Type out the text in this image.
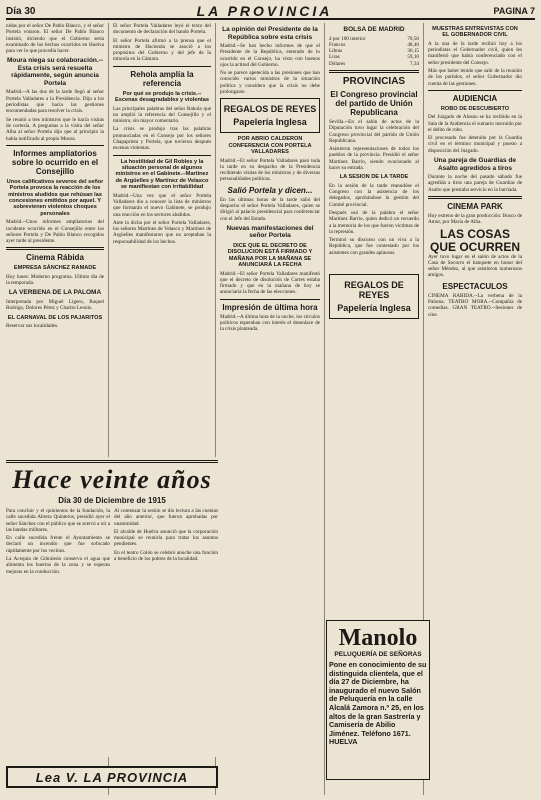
Día 30	LA PROVINCIA	PAGINA 7

nidas por el señor De Pablo Blanco, y el señor Portela votaron. El señor De Pablo Blanco insistió, diciendo que el Gobierno sería examinado de los hechos ocurridos en Huelva para ver lo que procedía hacer.

Moura niega su colaboración.--Esta crisis será resuelta rápidamente, según anuncia Portela

Madrid.--A las dos de la tarde llegó al señor Portela Valladares a la Presidencia. Dijo a los periodistas que hacia las gestiones encomendadas para resolver la crisis.

Se reunió a tres ministros que le hacía visitas de cortesía. A preguntas a la visita del señor Alba al señor Portela dijo que al principio la había notificado al propio Moura.

Informes amplíatorios sobre lo ocurrido en el Consejillo
Unos calificativos severos del señor Portela provoca la reacción de los ministros aludidos que rehúsan las concesiones emitidos por aquel. Y sobrevienen violentos choques personales

Madrid.--Unos informes amplíatorios del incidente ocurrido en el Consejillo entre los señores Portela y De Pablo Blanco recogidos ayer tarde al presidente.

Cinema Rábida
EMPRESA SÁNCHEZ RAMADE

Hoy lunes: Moderno programa. Ultimo día de la temporada.

LA VERBENA DE LA PALOMA

Interpretada por Miguel Ligero, Raquel Rodrigo, Dolores Pérez y Charito Leonis.

EL CARNAVAL DE LOS PAJARITOS

Reservar sus localidades.

El señor Portela Valladares leyó el texto del documento de declaración del bando Portela.

El señor Portela afirmó a la prensa que el ministro de Hacienda se asoció a los propósitos del Gobierno y del jefe de la minoría en la Cámara.

Rehola amplía la referencia
Por qué se produjo la crisis.--Escenas desagradables y violentas

Las principales palabras del señor Rahola que no amplió la referencia del Consejillo y el ministro, sin mayor comentario.

La crisis se produjo tras las palabras pronunciadas en el Consejo por los señores Chapaprieta y Portela, que tuvieron después escenas violentas.

La hostilidad de Gil Robles y la situación personal de algunos ministros en el Gabinete.--Martínez de Argüelles y Martínez de Velasco se manifiestan con irritabilidad

Madrid.--Una vez que el señor Portela Valladares dio a conocer la lista de ministros que formarán el nuevo Gabinete, se produjo una reacción en los sectores aludidos.

Ante la dicha por el señor Portela Valladares, los señores Martínez de Velasco y Martínez de Argüelles manifestaron que no aceptaban la responsabilidad de los hechos.

La opinión del Presidente de la República sobre esta crisis

Madrid.--Se han hecho informes de que el Presidente de la República, enterado de lo ocurrido en el Consejo, ha visto con buenos ojos la actitud del Gobierno.

No se parece apetecida a las presiones que han conocido varios ministros de la situación política y considera que la crisis no debe prolongarse.

REGALOS DE REYES
Papelería Inglesa
POR ABRIO CALDERON CONFERENCIA CON PORTELA VALLADARES

Madrid.--El señor Portela Valladares pasó toda la tarde en su despacho de la Presidencia recibiendo visitas de los ministros y de diversas personalidades políticas.

Salió Portela y dicen...

En las últimas horas de la tarde salió del despacho el señor Portela Valladares, quien se dirigió al palacio presidencial para conferenciar con el Jefe del Estado.

Nuevas manifestaciones del señor Portela
DICE QUE EL DECRETO DE DISOLUCION ESTÁ FIRMADO Y MAÑANA POR LA MAÑANA SE ANUNCIARÁ LA FECHA

Madrid.--El señor Portela Valladares manifestó que el decreto de disolución de Cortes estaba firmado y que en la mañana de hoy se anunciaría la fecha de las elecciones.

Impresión de última hora

Madrid.--A última hora de la noche, los círculos políticos esperaban con interés el desenlace de la crisis planteada.

BOLSA DE MADRID
4 por 100 interior	70,50
Francos	48,40
Libras	36,15
Liras	59,10
Dólares	7,34
PROVINCIAS
El Congreso provincial del partido de Unión Republicana

Sevilla.--En el salón de actos de la Diputación tuvo lugar la celebración del Congreso provincial del partido de Unión Republicana.

Asistieron representaciones de todos los pueblos de la provincia. Presidió el señor Martínez Barrio, siendo ovacionado al hacer su entrada.

LA SESION DE LA TARDE

En la sesión de la tarde reanudóse el Congreso con la asistencia de los delegados, aprobándose la gestión del Comité provincial.

Después usó de la palabra el señor Martínez Barrio, quien dedicó un recuerdo a la memoria de los que fueron víctimas de la represión.

Terminó su discurso con un viva a la República, que fue contestado por los asistentes con grandes aplausos.

REGALOS DE REYES
Papelería Inglesa
MUESTRAS ENTREVISTAS CON EL GOBERNADOR CIVIL

A la una de la tarde recibió hoy a los periodistas el Gobernador civil, quien les manifestó que había conferenciado con el señor presidente del Consejo.

Más que haber tenido que salir de la reunión de los partidos, el señor Gobernador dio cuenta de las gestiones.

AUDIENCIA
ROBO DE DESCUBIERTO

Del Juzgado de Alosno se ha recibido en la Sala de la Audiencia el sumario instruido por el delito de robo.

El procesado fue detenido por la Guardia civil en el término municipal y puesto a disposición del Juzgado.

Una pareja de Guardias de Asalto agredidos a tiros

Durante la noche del pasado sábado fue agredida a tiros una pareja de Guardias de Asalto que prestaba servicio en la barriada.

CINEMA PARK

Hoy estreno de la gran producción: Bosco de Amor, por Maria de Alba.

LAS COSAS QUE OCURREN

Ayer tuvo lugar en el salón de actos de la Casa de Socorro el banquete en honor del señor Méndez, al que asistieron numerosos amigos.

ESPECTACULOS

CINEMA RABIDA.--La verbena de la Paloma. TEATRO MORA.--Compañía de comedias. GRAN TEATRO.--Sesiones de cine.

Manolo
PELUQUERÍA DE SEÑORAS

Pone en conocimiento de su distinguida clientela, que el día 27 de Diciembre, ha inaugurado el nuevo Salón de Peluquería en la calle Alcalá Zamora n.º 25, en los altos de la gran Sastrería y Camisería de Abilio Jiménez. Teléfono 1671. HUELVA

Hace veinte años
Día 30 de Diciembre de 1915

Para concluir y el quinientos de la fundación, la calle sucedida Abrera Quinteros, presidió ayer el señor Sánchez con el público que se acercó a oír a las bandas militares.

En calle sucedida frente el Ayuntamiento se declaró un incendio que fue sofocado rápidamente por los vecinos.

La Acequia de Gibraleón conserva el agua que alimenta los huertos de la zona y se esperan mejoras en la conducción.

Al comenzar la sesión se dio lectura a las cuentas del año anterior, que fueron aprobadas por unanimidad.

El alcalde de Huelva anunció que la corporación municipal se reuniría para tratar los asuntos pendientes.

En el teatro Colón se celebró anoche una función a beneficio de los pobres de la localidad.

Lea V. LA PROVINCIA
